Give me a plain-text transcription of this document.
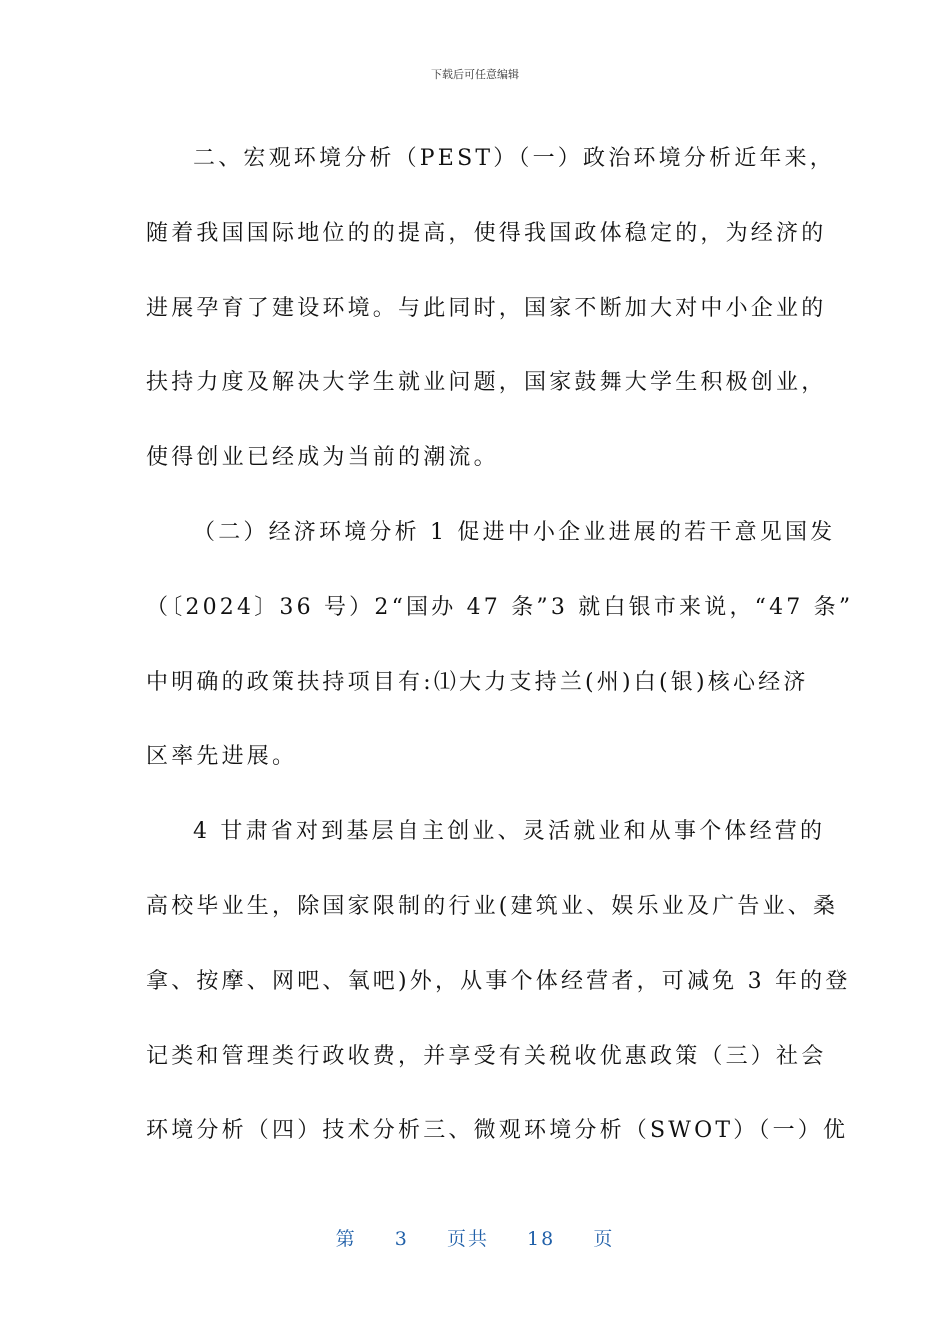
下载后可任意编辑

二、宏观环境分析（PEST）（一）政治环境分析近年来，

随着我国国际地位的的提高，使得我国政体稳定的，为经济的

进展孕育了建设环境。与此同时，国家不断加大对中小企业的

扶持力度及解决大学生就业问题，国家鼓舞大学生积极创业，

使得创业已经成为当前的潮流。

（二）经济环境分析 1 促进中小企业进展的若干意见国发

（〔2024〕36 号）2“国办 47 条”3 就白银市来说，“47 条”

中明确的政策扶持项目有:⑴大力支持兰(州)白(银)核心经济

区率先进展。

4 甘肃省对到基层自主创业、灵活就业和从事个体经营的

高校毕业生，除国家限制的行业(建筑业、娱乐业及广告业、桑

拿、按摩、网吧、氧吧)外，从事个体经营者，可减免 3 年的登

记类和管理类行政收费，并享受有关税收优惠政策（三）社会

环境分析（四）技术分析三、微观环境分析（SWOT）（一）优

第 3 页共 18 页
